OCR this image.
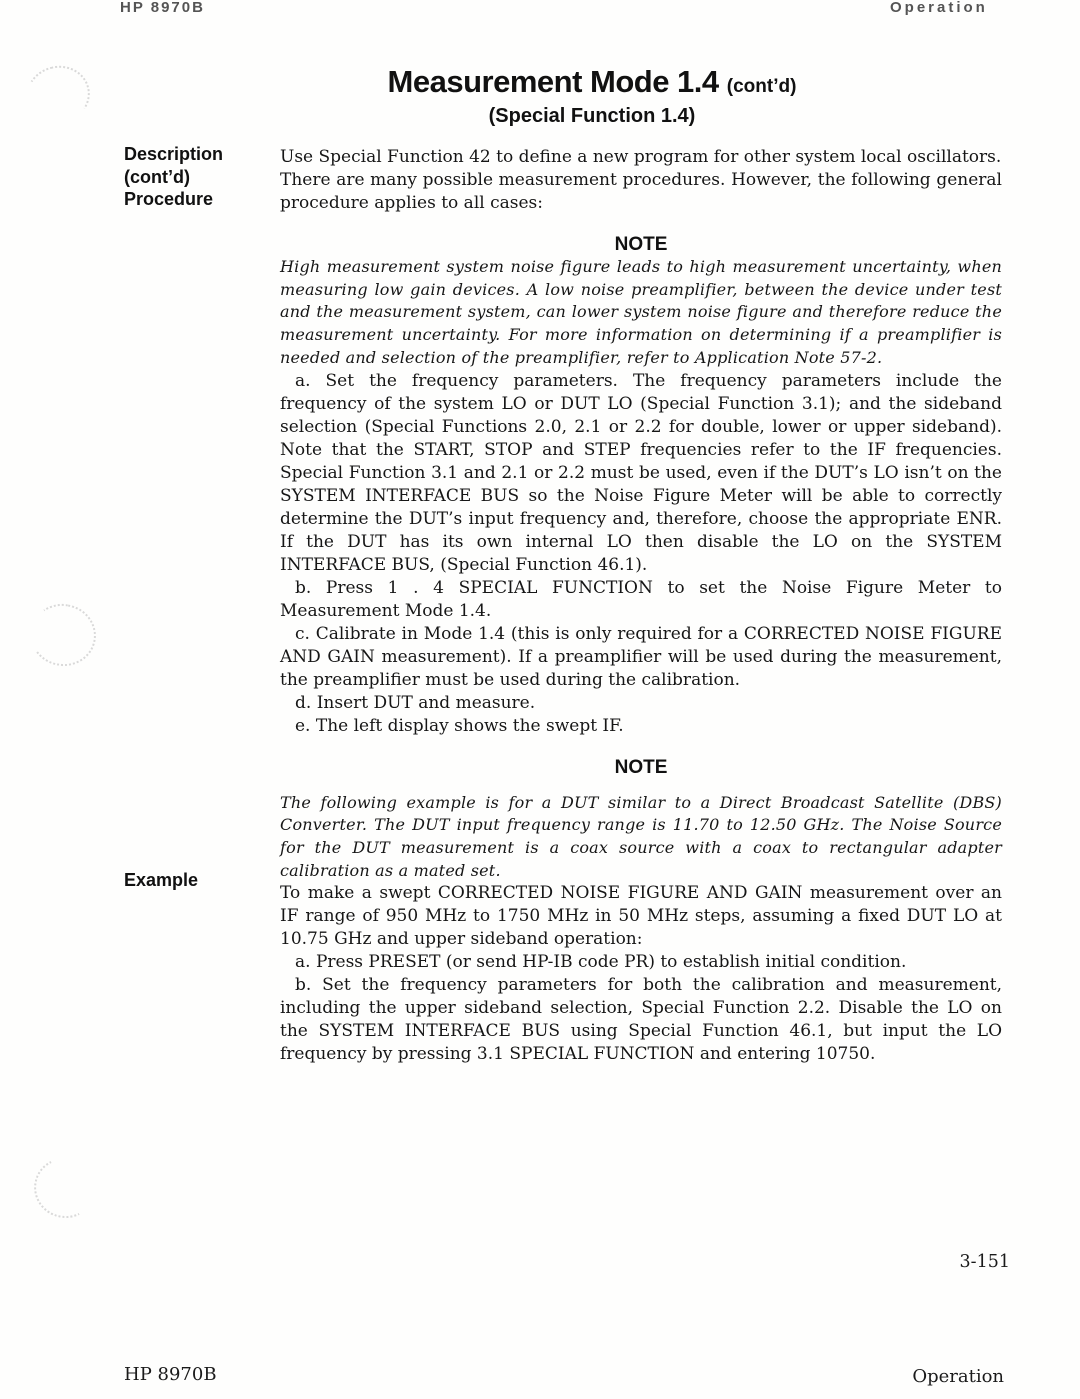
HP 8970B	Operation
Measurement Mode 1.4 (cont’d)
(Special Function 1.4)
Description
(cont’d)
Procedure
Example

Use Special Function 42 to define a new program for other system local oscillators.

There are many possible measurement procedures. However, the following general procedure applies to all cases:

NOTE

High measurement system noise figure leads to high measurement uncertainty, when measuring low gain devices. A low noise preamplifier, between the device under test and the measurement system, can lower system noise figure and therefore reduce the measurement uncertainty. For more information on determining if a preamplifier is needed and selection of the preamplifier, refer to Application Note 57-2.

a. Set the frequency parameters. The frequency parameters include the frequency of the system LO or DUT LO (Special Function 3.1); and the sideband selection (Special Functions 2.0, 2.1 or 2.2 for double, lower or upper sideband). Note that the START, STOP and STEP frequencies refer to the IF frequencies. Special Function 3.1 and 2.1 or 2.2 must be used, even if the DUT’s LO isn’t on the SYSTEM INTERFACE BUS so the Noise Figure Meter will be able to correctly determine the DUT’s input frequency and, therefore, choose the appropriate ENR. If the DUT has its own internal LO then disable the LO on the SYSTEM INTERFACE BUS, (Special Function 46.1).

b. Press 1 . 4 SPECIAL FUNCTION to set the Noise Figure Meter to Measurement Mode 1.4.

c. Calibrate in Mode 1.4 (this is only required for a CORRECTED NOISE FIGURE AND GAIN measurement). If a preamplifier will be used during the measurement, the preamplifier must be used during the calibration.

d. Insert DUT and measure.

e. The left display shows the swept IF.

NOTE

The following example is for a DUT similar to a Direct Broadcast Satellite (DBS) Converter. The DUT input frequency range is 11.70 to 12.50 GHz. The Noise Source for the DUT measurement is a coax source with a coax to rectangular adapter calibration as a mated set.

To make a swept CORRECTED NOISE FIGURE AND GAIN measurement over an IF range of 950 MHz to 1750 MHz in 50 MHz steps, assuming a fixed DUT LO at 10.75 GHz and upper sideband operation:

a. Press PRESET (or send HP-IB code PR) to establish initial condition.

b. Set the frequency parameters for both the calibration and measurement, including the upper sideband selection, Special Function 2.2. Disable the LO on the SYSTEM INTERFACE BUS using Special Function 46.1, but input the LO frequency by pressing 3.1 SPECIAL FUNCTION and entering 10750.

3-151
HP 8970B	Operation
